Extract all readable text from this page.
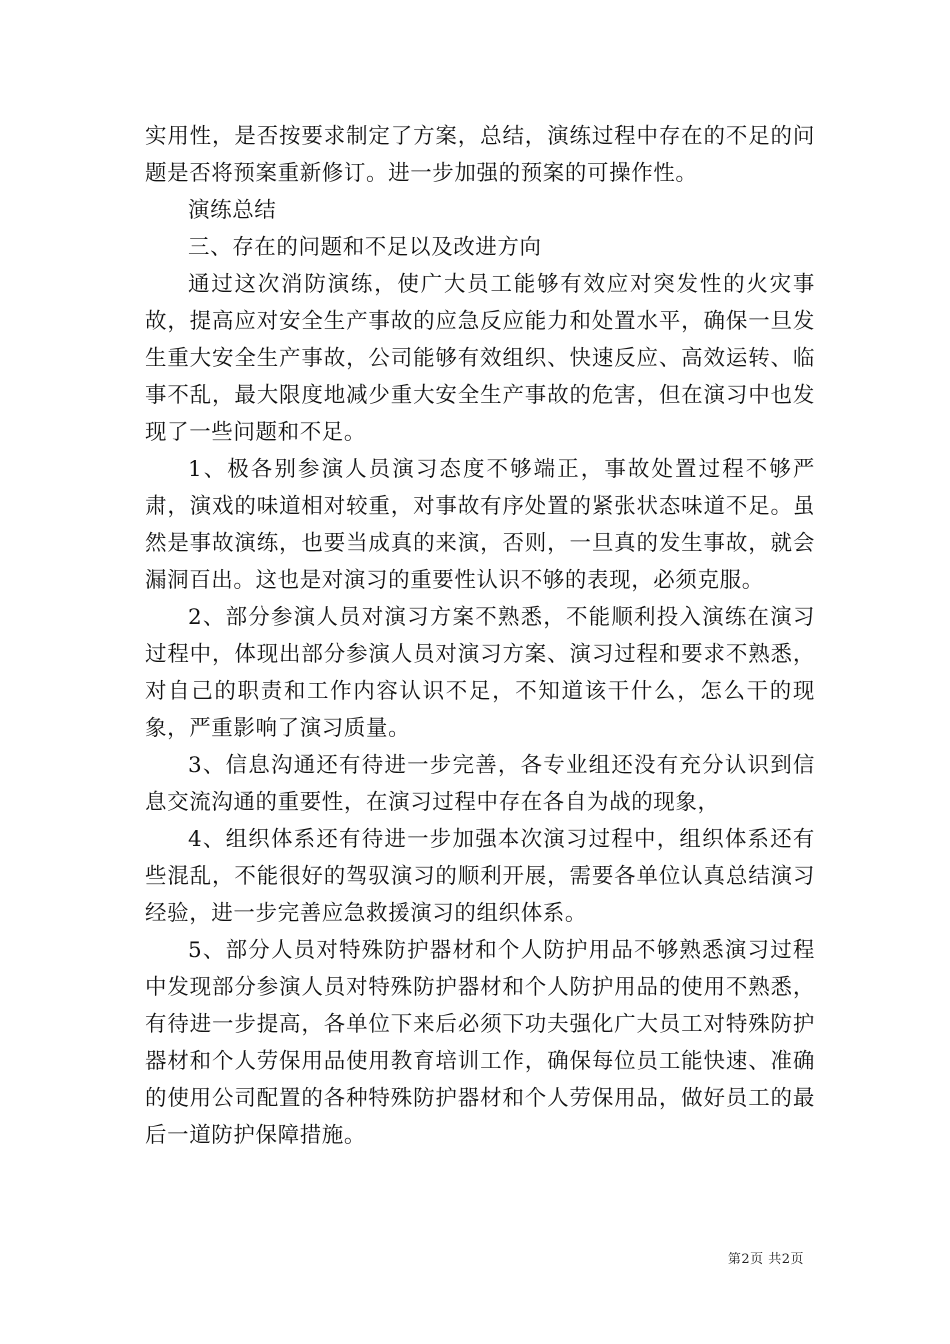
实用性，是否按要求制定了方案，总结，演练过程中存在的不足的问题是否将预案重新修订。进一步加强的预案的可操作性。

演练总结

三、存在的问题和不足以及改进方向

通过这次消防演练，使广大员工能够有效应对突发性的火灾事故，提高应对安全生产事故的应急反应能力和处置水平，确保一旦发生重大安全生产事故，公司能够有效组织、快速反应、高效运转、临事不乱，最大限度地减少重大安全生产事故的危害，但在演习中也发现了一些问题和不足。

1、极各别参演人员演习态度不够端正，事故处置过程不够严肃，演戏的味道相对较重，对事故有序处置的紧张状态味道不足。虽然是事故演练，也要当成真的来演，否则，一旦真的发生事故，就会漏洞百出。这也是对演习的重要性认识不够的表现，必须克服。

2、部分参演人员对演习方案不熟悉，不能顺利投入演练在演习过程中，体现出部分参演人员对演习方案、演习过程和要求不熟悉，对自己的职责和工作内容认识不足，不知道该干什么，怎么干的现象，严重影响了演习质量。

3、信息沟通还有待进一步完善，各专业组还没有充分认识到信息交流沟通的重要性，在演习过程中存在各自为战的现象，

4、组织体系还有待进一步加强本次演习过程中，组织体系还有些混乱，不能很好的驾驭演习的顺利开展，需要各单位认真总结演习经验，进一步完善应急救援演习的组织体系。

5、部分人员对特殊防护器材和个人防护用品不够熟悉演习过程中发现部分参演人员对特殊防护器材和个人防护用品的使用不熟悉，有待进一步提高，各单位下来后必须下功夫强化广大员工对特殊防护器材和个人劳保用品使用教育培训工作，确保每位员工能快速、准确的使用公司配置的各种特殊防护器材和个人劳保用品，做好员工的最后一道防护保障措施。

第2页 共2页
